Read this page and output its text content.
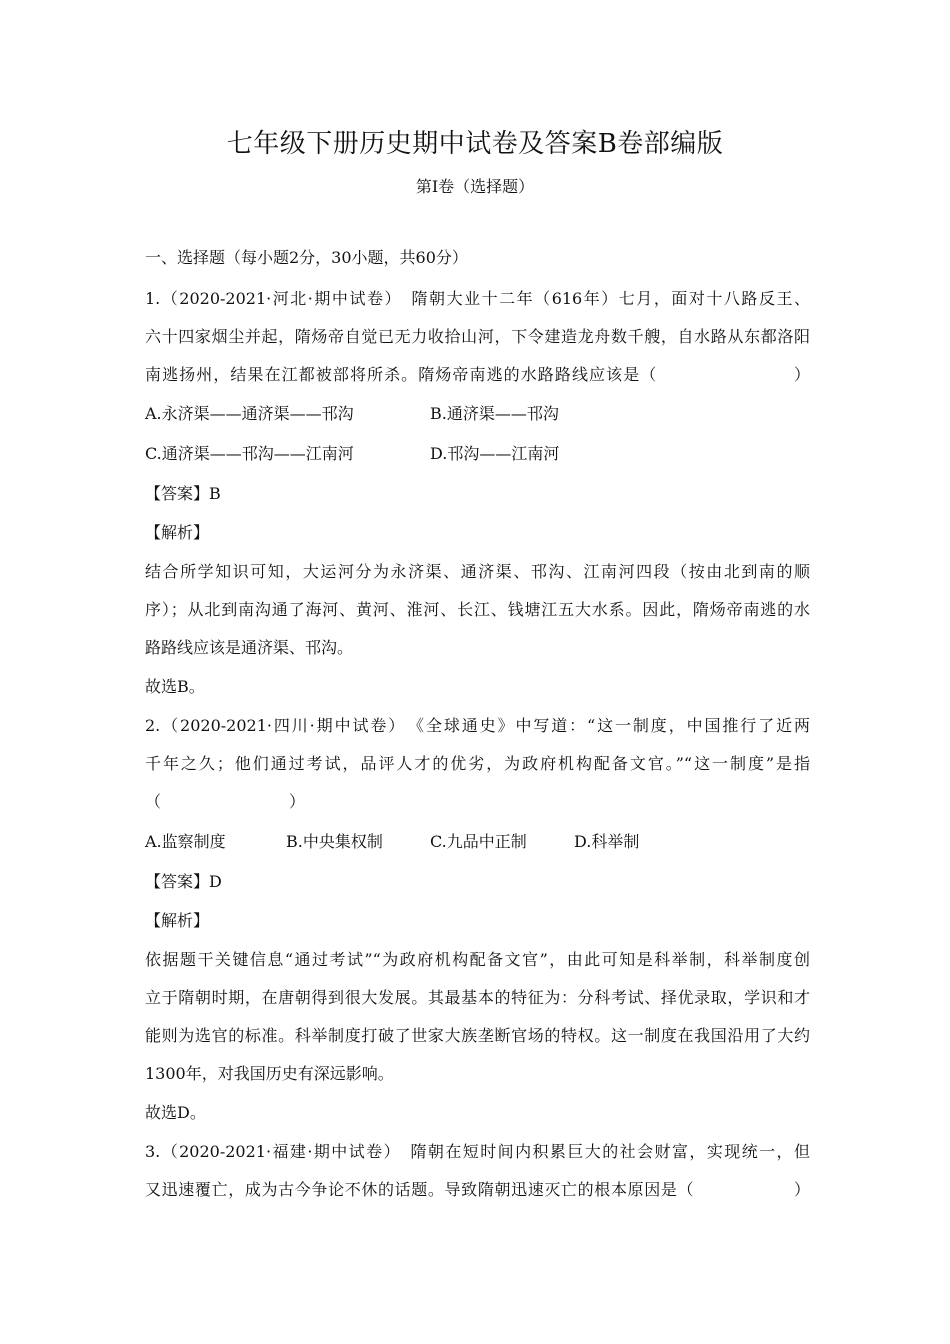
七年级下册历史期中试卷及答案B卷部编版
第Ⅰ卷（选择题）
一、选择题（每小题2分，30小题，共60分）
1.（2020-2021·河北·期中试卷）　隋朝大业十二年（616年）七月，面对十八路反王、
六十四家烟尘并起，隋炀帝自觉已无力收拾山河，下令建造龙舟数千艘，自水路从东都洛阳
南逃扬州，结果在江都被部将所杀。隋炀帝南逃的水路路线应该是（　　　　　　　　）
A.永济渠——通济渠——邗沟	B.通济渠——邗沟
C.通济渠——邗沟——江南河	D.邗沟——江南河
【答案】B
【解析】
结合所学知识可知，大运河分为永济渠、通济渠、邗沟、江南河四段（按由北到南的顺
序）；从北到南沟通了海河、黄河、淮河、长江、钱塘江五大水系。因此，隋炀帝南逃的水
路路线应该是通济渠、邗沟。
故选B。
2.（2020-2021·四川·期中试卷）　《全球通史》中写道：“这一制度，中国推行了近两
千年之久；他们通过考试，品评人才的优劣，为政府机构配备文官。”“这一制度”是指
（　　　　　　　　）
A.监察制度	B.中央集权制	C.九品中正制	D.科举制
【答案】D
【解析】
依据题干关键信息“通过考试”“为政府机构配备文官”，由此可知是科举制，科举制度创
立于隋朝时期，在唐朝得到很大发展。其最基本的特征为：分科考试、择优录取，学识和才
能则为选官的标准。科举制度打破了世家大族垄断官场的特权。这一制度在我国沿用了大约
1300年，对我国历史有深远影响。
故选D。
3.（2020-2021·福建·期中试卷）　隋朝在短时间内积累巨大的社会财富，实现统一，但
又迅速覆亡，成为古今争论不休的话题。导致隋朝迅速灭亡的根本原因是（　　　　　　）
